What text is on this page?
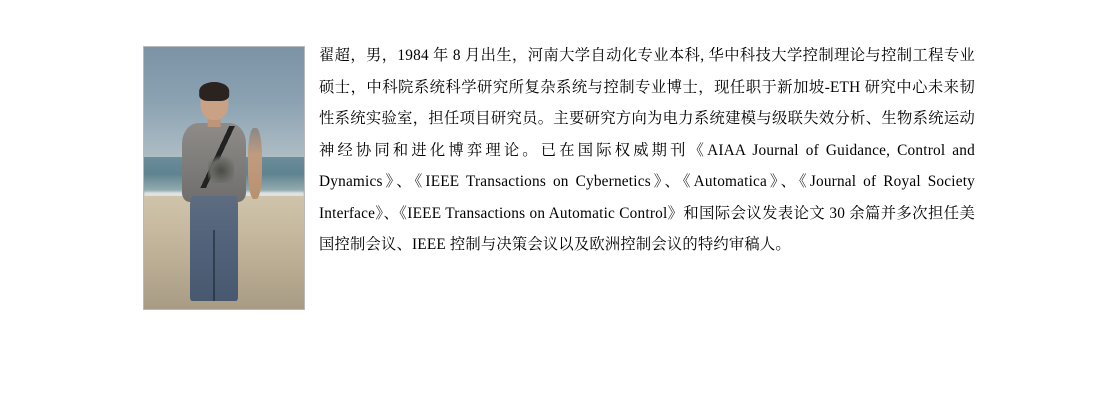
翟超，男，1984 年 8 月出生，河南大学自动化专业本科, 华中科技大学控制理论与控制工程专业硕士，中科院系统科学研究所复杂系统与控制专业博士，现任职于新加坡-ETH 研究中心未来韧性系统实验室，担任项目研究员。主要研究方向为电力系统建模与级联失效分析、生物系统运动神经协同和进化博弈理论。已在国际权威期刊《AIAA Journal of Guidance, Control and Dynamics》、《IEEE Transactions on Cybernetics》、《Automatica》、《Journal of Royal Society Interface》、《IEEE Transactions on Automatic Control》和国际会议发表论文 30 余篇并多次担任美国控制会议、IEEE 控制与决策会议以及欧洲控制会议的特约审稿人。
